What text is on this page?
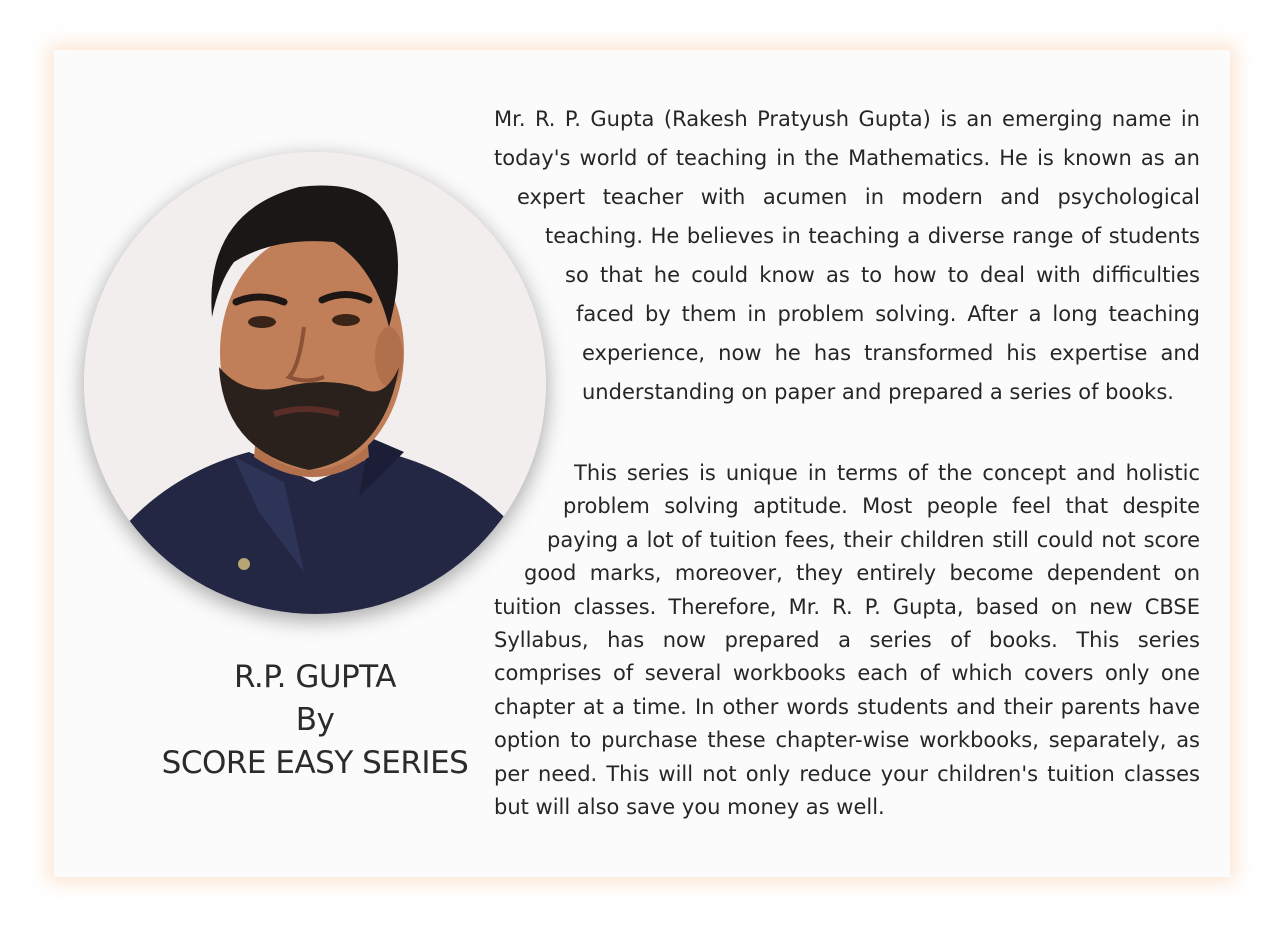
R.P. GUPTA
By
SCORE EASY SERIES
Mr. R. P. Gupta (Rakesh Pratyush Gupta) is an emerging name in
today's world of teaching in the Mathematics. He is known as an
expert teacher with acumen in modern and psychological
teaching. He believes in teaching a diverse range of students
so that he could know as to how to deal with difficulties
faced by them in problem solving. After a long teaching
experience, now he has transformed his expertise and
understanding on paper and prepared a series of books.
This series is unique in terms of the concept and holistic
problem solving aptitude. Most people feel that despite
paying a lot of tuition fees, their children still could not score
good marks, moreover, they entirely become dependent on
tuition classes. Therefore, Mr. R. P. Gupta, based on new CBSE
Syllabus, has now prepared a series of books. This series
comprises of several workbooks each of which covers only one
chapter at a time. In other words students and their parents have
option to purchase these chapter-wise workbooks, separately, as
per need. This will not only reduce your children's tuition classes
but will also save you money as well.
